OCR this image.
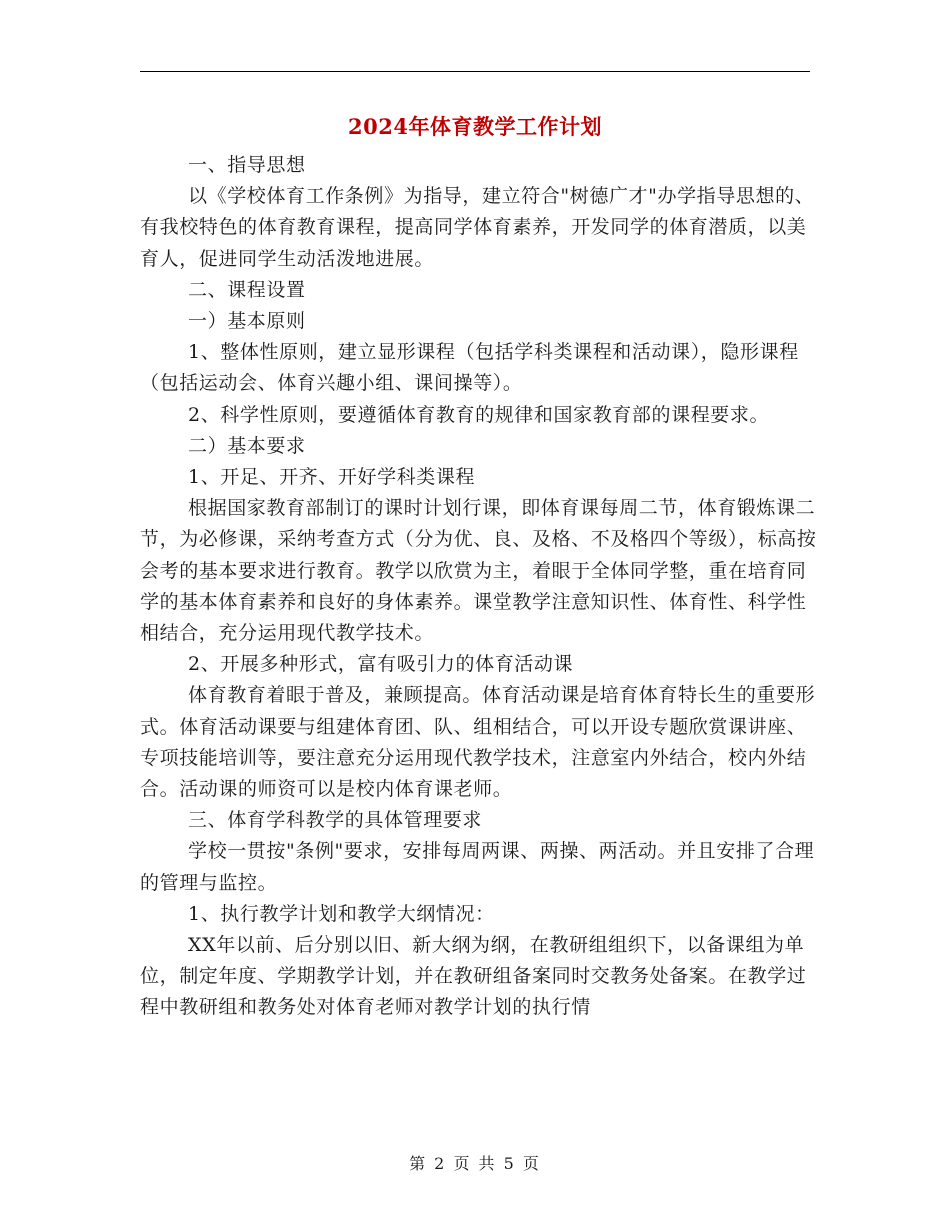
2024年体育教学工作计划

一、指导思想

以《学校体育工作条例》为指导，建立符合"树德广才"办学指导思想的、有我校特色的体育教育课程，提高同学体育素养，开发同学的体育潜质，以美育人，促进同学生动活泼地进展。

二、课程设置

一）基本原则

1、整体性原则，建立显形课程（包括学科类课程和活动课），隐形课程（包括运动会、体育兴趣小组、课间操等）。

2、科学性原则，要遵循体育教育的规律和国家教育部的课程要求。

二）基本要求

1、开足、开齐、开好学科类课程

根据国家教育部制订的课时计划行课，即体育课每周二节，体育锻炼课二节，为必修课，采纳考查方式（分为优、良、及格、不及格四个等级），标高按会考的基本要求进行教育。教学以欣赏为主，着眼于全体同学整，重在培育同学的基本体育素养和良好的身体素养。课堂教学注意知识性、体育性、科学性相结合，充分运用现代教学技术。

2、开展多种形式，富有吸引力的体育活动课

体育教育着眼于普及，兼顾提高。体育活动课是培育体育特长生的重要形式。体育活动课要与组建体育团、队、组相结合，可以开设专题欣赏课讲座、专项技能培训等，要注意充分运用现代教学技术，注意室内外结合，校内外结合。活动课的师资可以是校内体育课老师。

三、体育学科教学的具体管理要求

学校一贯按"条例"要求，安排每周两课、两操、两活动。并且安排了合理的管理与监控。

1、执行教学计划和教学大纲情况：

XX年以前、后分别以旧、新大纲为纲，在教研组组织下，以备课组为单位，制定年度、学期教学计划，并在教研组备案同时交教务处备案。在教学过程中教研组和教务处对体育老师对教学计划的执行情

第 2 页 共 5 页
